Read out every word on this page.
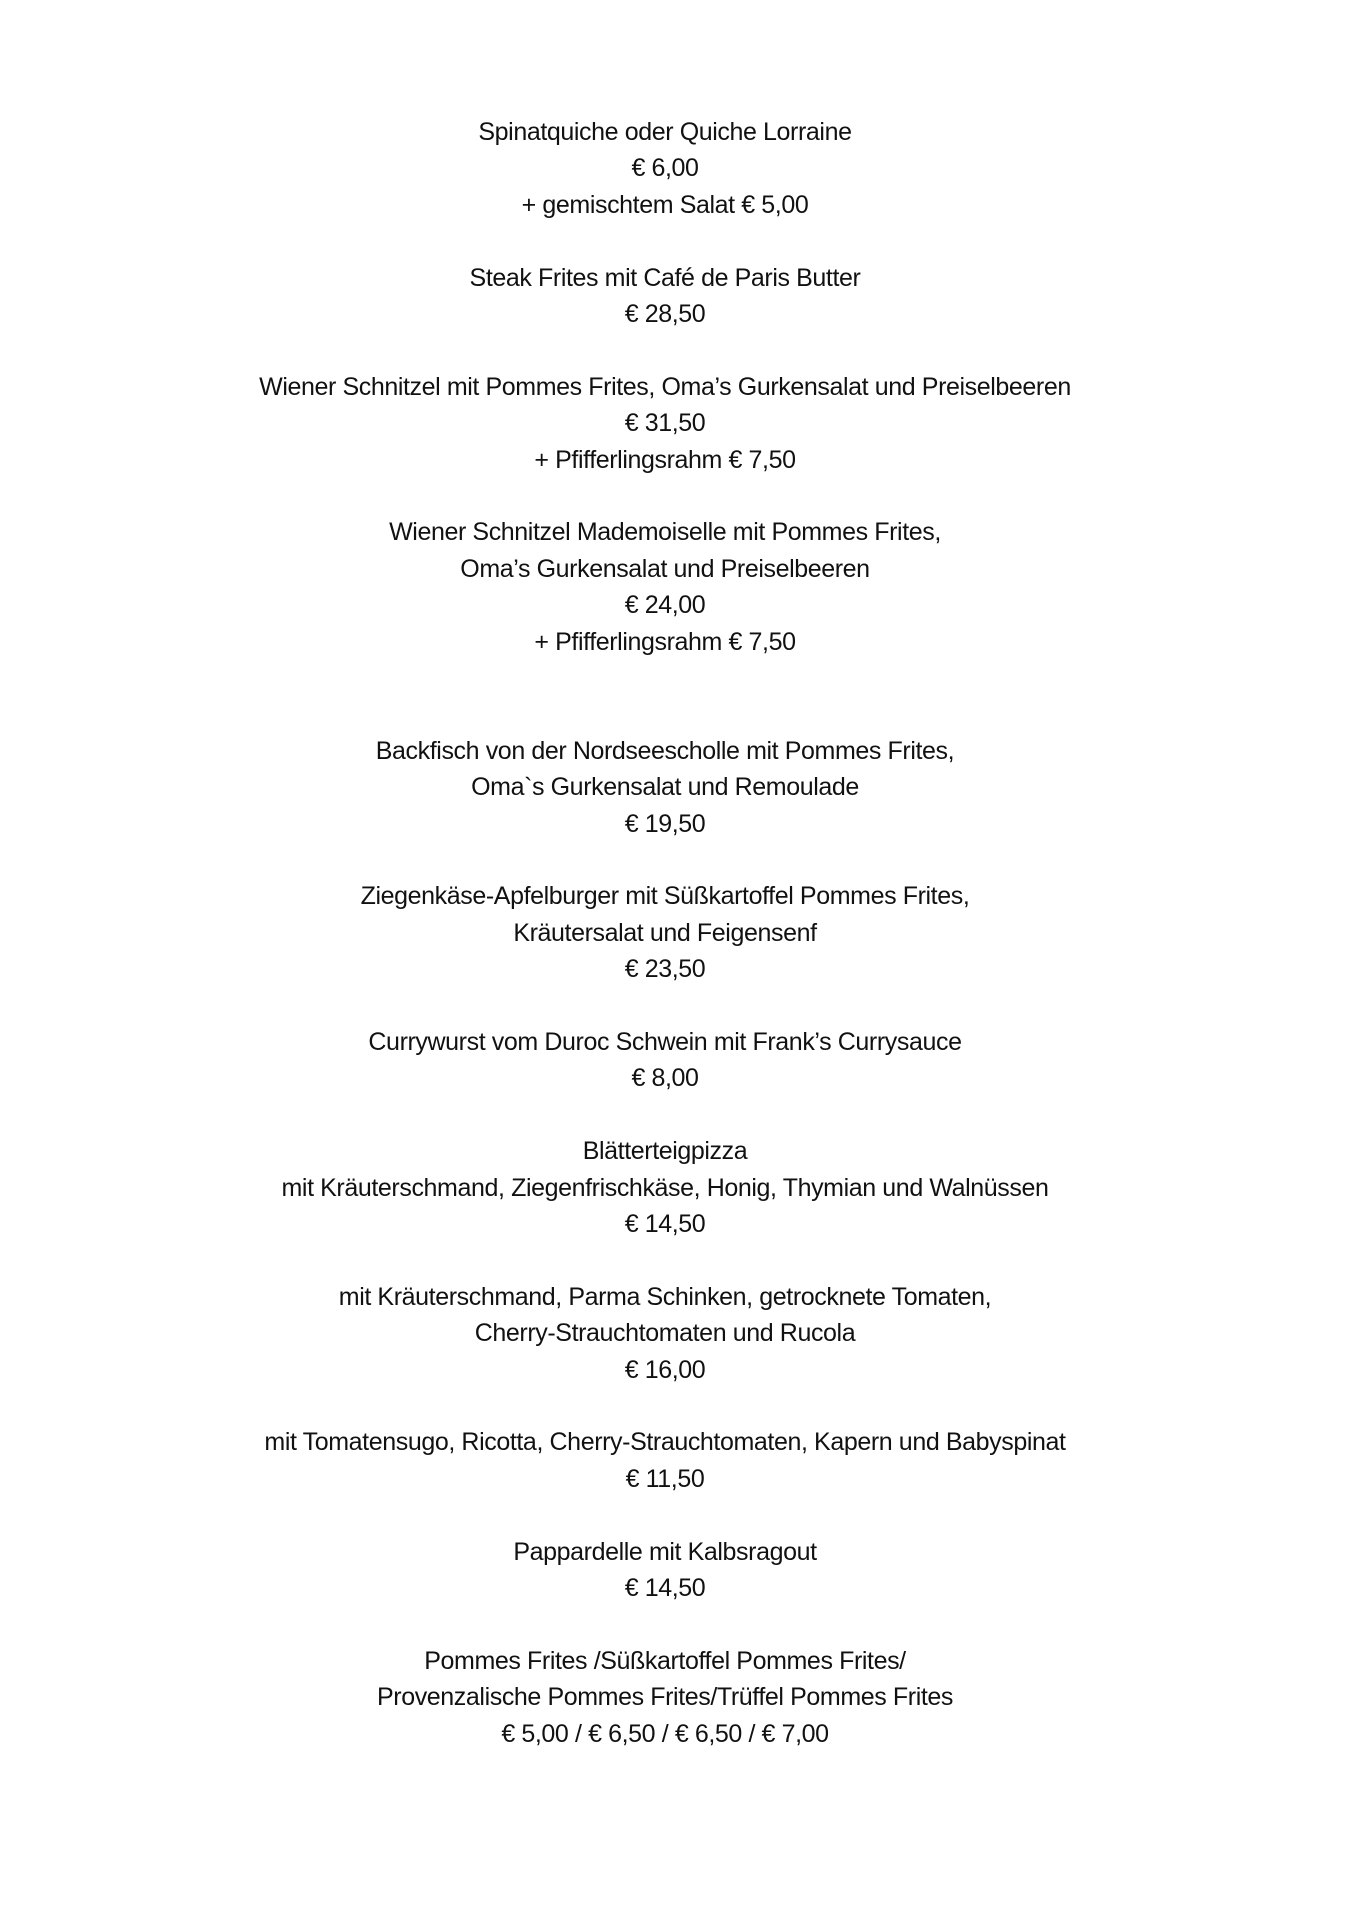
Spinatquiche oder Quiche Lorraine
€ 6,00
+ gemischtem Salat € 5,00
Steak Frites mit Café de Paris Butter
€ 28,50
Wiener Schnitzel mit Pommes Frites, Oma’s Gurkensalat und Preiselbeeren
€ 31,50
+ Pfifferlingsrahm € 7,50
Wiener Schnitzel Mademoiselle mit Pommes Frites,
Oma’s Gurkensalat und Preiselbeeren
€ 24,00
+ Pfifferlingsrahm € 7,50
Backfisch von der Nordseescholle mit Pommes Frites,
Oma`s Gurkensalat und Remoulade
€ 19,50
Ziegenkäse-Apfelburger mit Süßkartoffel Pommes Frites,
Kräutersalat und Feigensenf
€ 23,50
Currywurst vom Duroc Schwein mit Frank’s Currysauce
€ 8,00
Blätterteigpizza
mit Kräuterschmand, Ziegenfrischkäse, Honig, Thymian und Walnüssen
€ 14,50
mit Kräuterschmand, Parma Schinken, getrocknete Tomaten,
Cherry-Strauchtomaten und Rucola
€ 16,00
mit Tomatensugo, Ricotta, Cherry-Strauchtomaten, Kapern und Babyspinat
€ 11,50
Pappardelle mit Kalbsragout
€ 14,50
Pommes Frites /Süßkartoffel Pommes Frites/
Provenzalische Pommes Frites/Trüffel Pommes Frites
€ 5,00 / € 6,50 / € 6,50 / € 7,00
